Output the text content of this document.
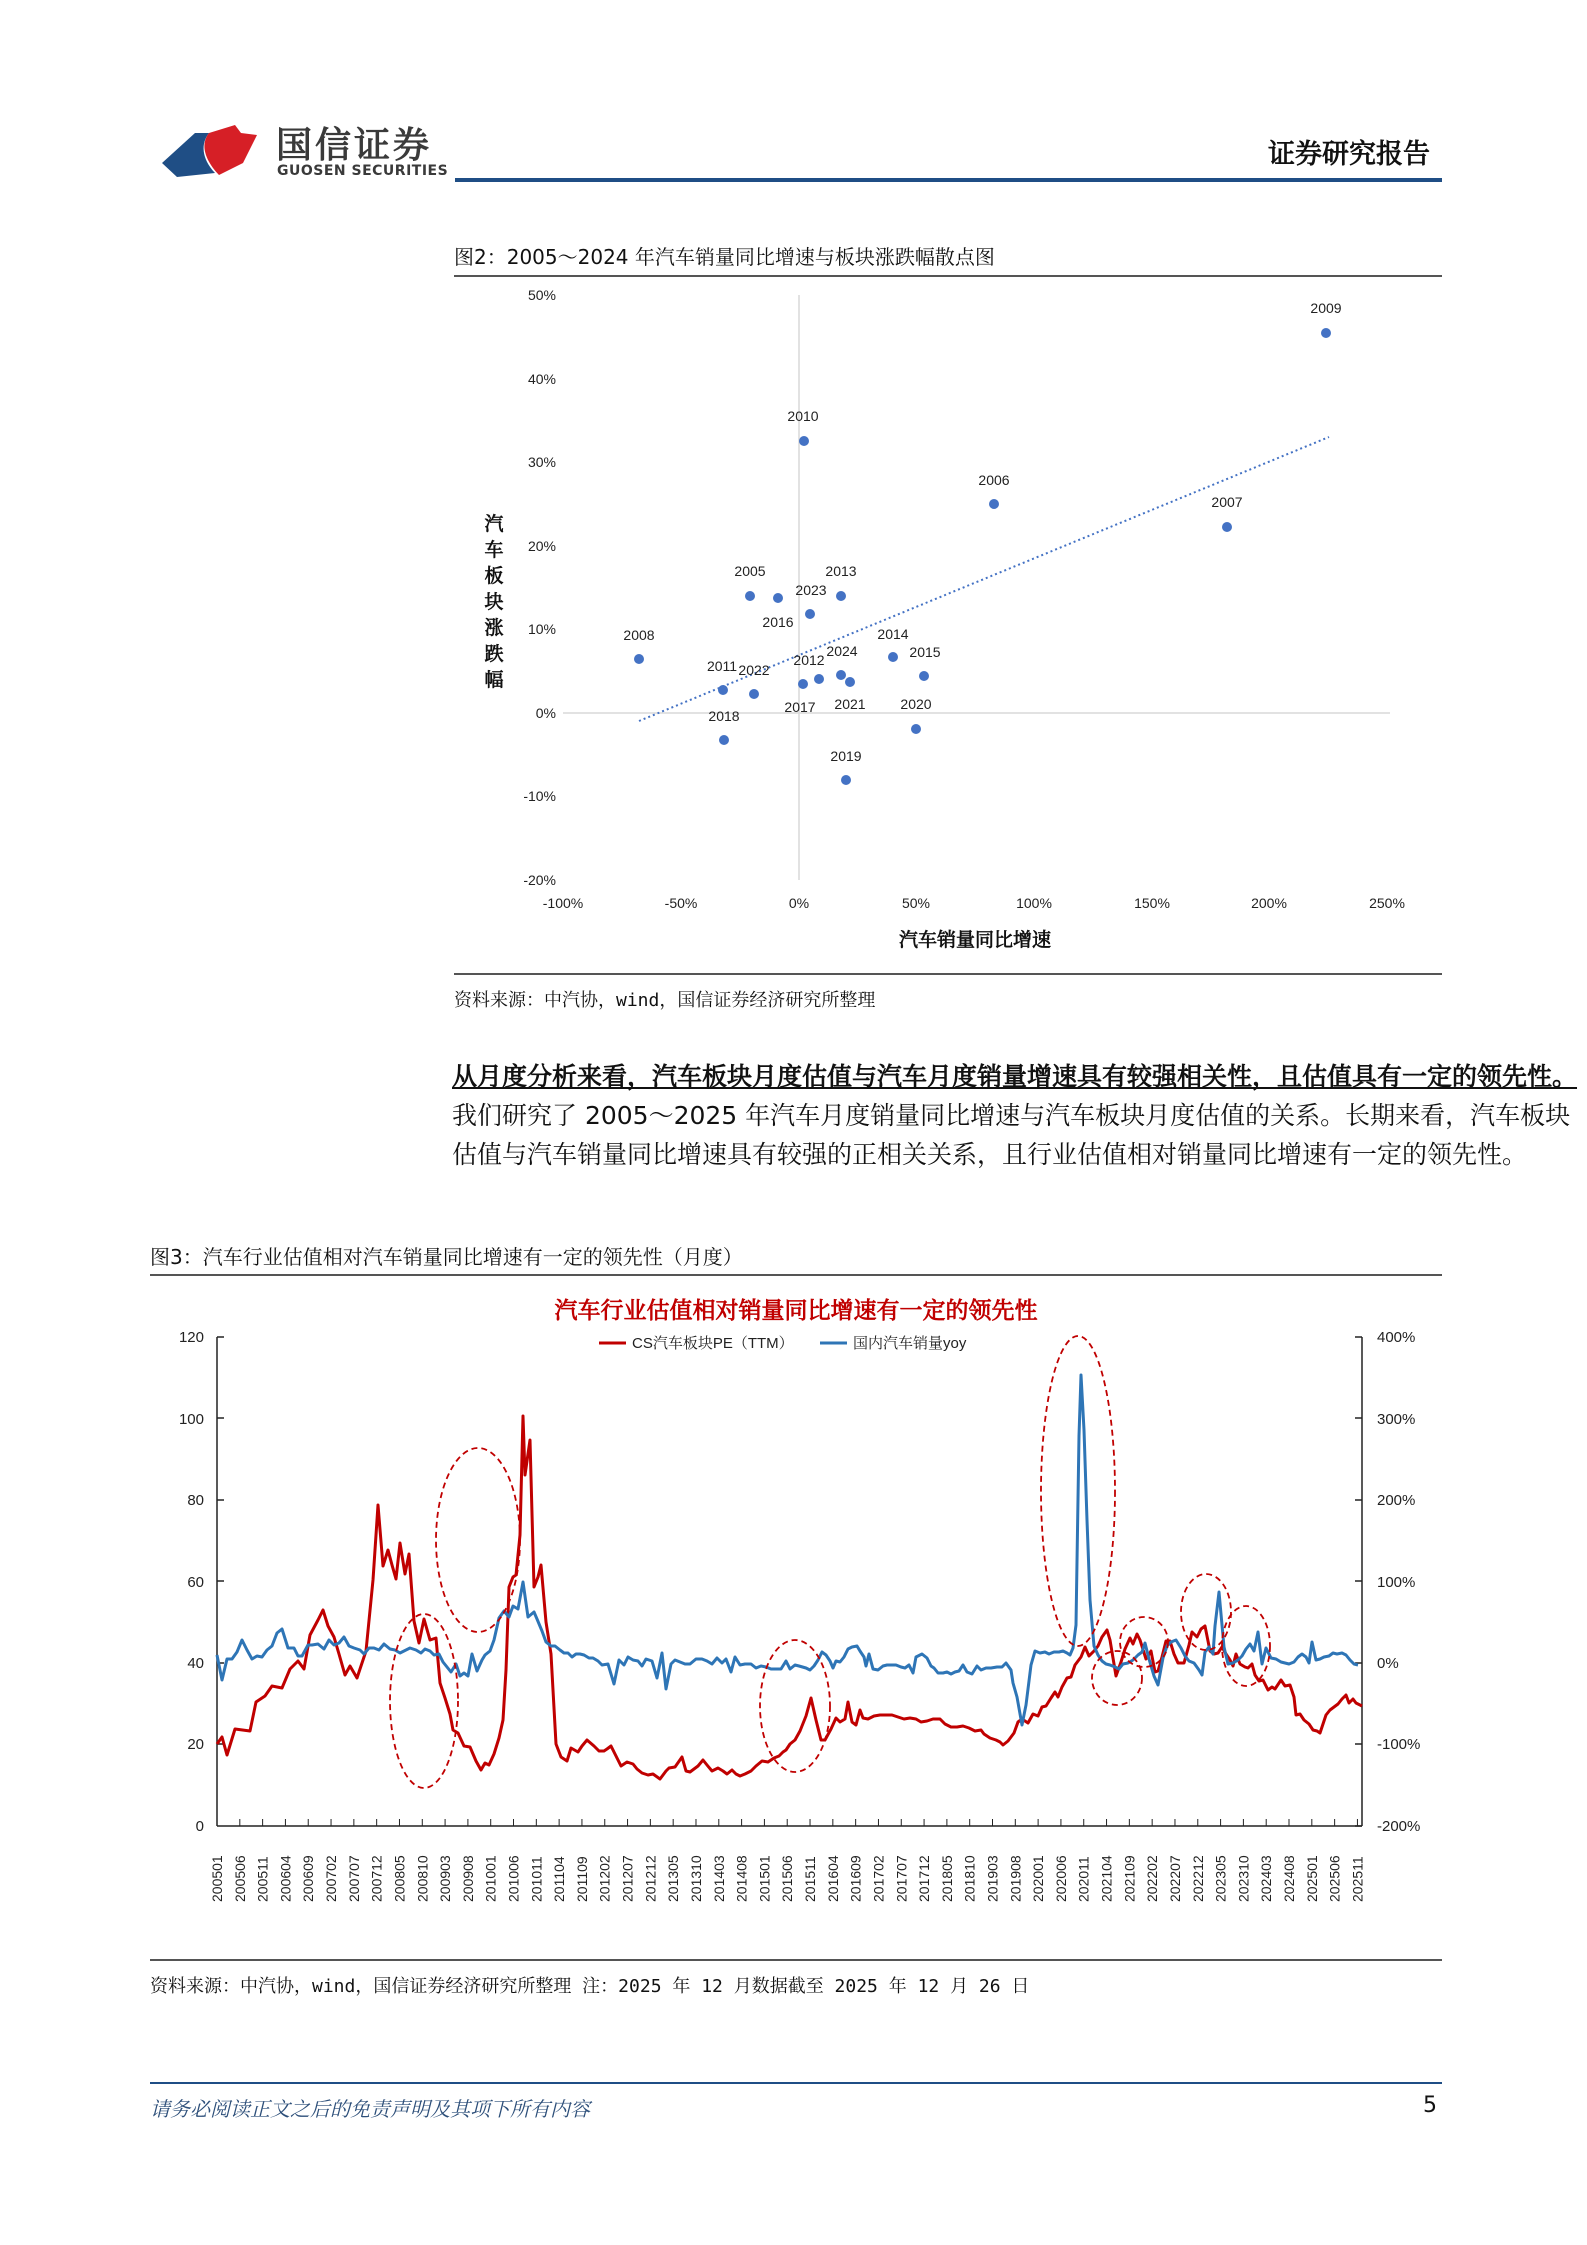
国信证券
GUOSEN SECURITIES
证券研究报告
图2：2005～2024 年汽车销量同比增速与板块涨跌幅散点图
50%
40%
30%
20%
10%
0%
-10%
-20%
-100%	-50%	0%	50%	100%	150%	200%	250%
汽车销量同比增速
汽
车
板
块
涨
跌
幅
2005
2006
2007
2008
2009
2010
2011 2022
2012
2013
2014
2015
2016
2017
2018
2019
2020
2021
2023
2024
资料来源：中汽协，wind，国信证券经济研究所整理
从月度分析来看，汽车板块月度估值与汽车月度销量增速具有较强相关性，且估值具有一定的领先性。我们研究了 2005～2025 年汽车月度销量同比增速与汽车板块月度估值的关系。长期来看，汽车板块估值与汽车销量同比增速具有较强的正相关关系，且行业估值相对销量同比增速有一定的领先性。
图3：汽车行业估值相对汽车销量同比增速有一定的领先性（月度）
汽车行业估值相对销量同比增速有一定的领先性
CS汽车板块PE（TTM）	国内汽车销量yoy
120
100
80
60
40
20
0
400%
300%
200%
100%
0%
-100%
-200%
200501 200506 200511 200604 200609 200702 200707 200712 200805 200810 200903 200908 201001 201006 201011 201104 201109 201202 201207 201212 201305 201310 201403 201408 201501 201506 201511 201604 201609 201702 201707 201712 201805 201810 201903 201908 202001 202006 202011 202104 202109 202202 202207 202212 202305 202310 202403 202408 202501 202506 202511
资料来源：中汽协，wind，国信证券经济研究所整理 注：2025 年 12 月数据截至 2025 年 12 月 26 日
请务必阅读正文之后的免责声明及其项下所有内容	5
